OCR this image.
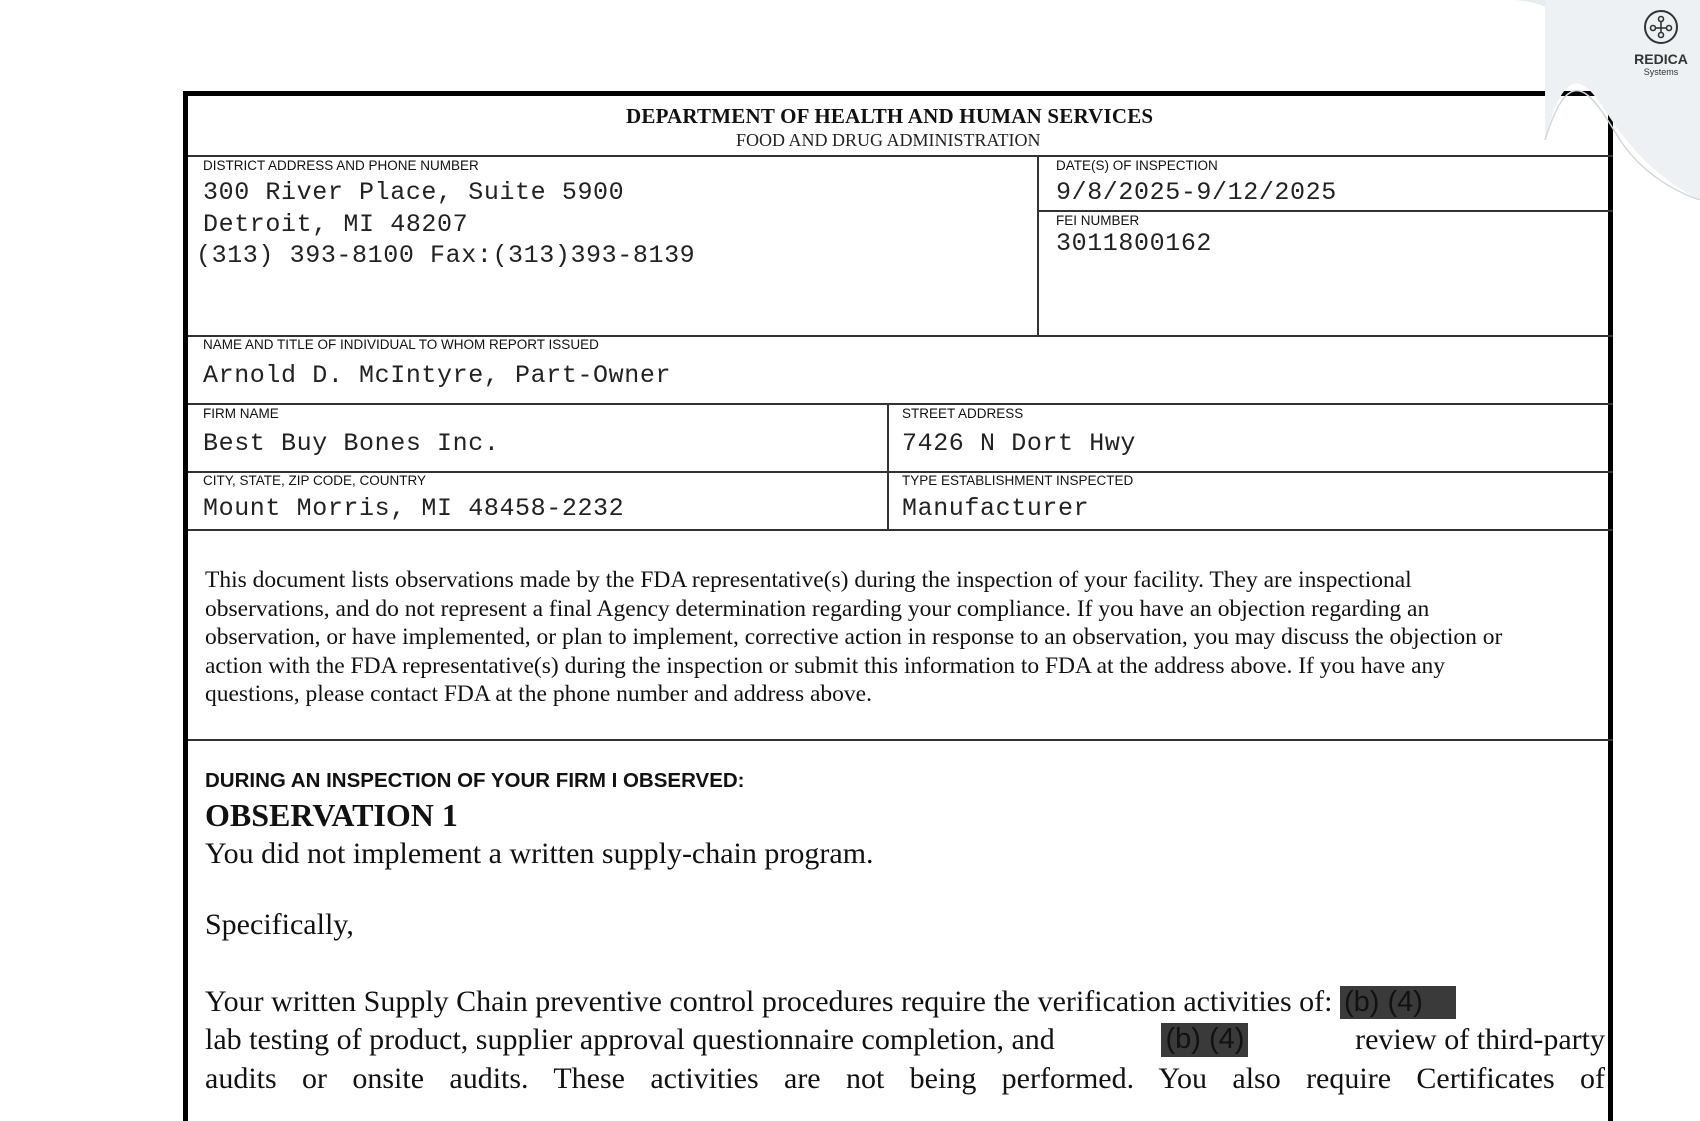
DEPARTMENT OF HEALTH AND HUMAN SERVICES
FOOD AND DRUG ADMINISTRATION
DISTRICT ADDRESS AND PHONE NUMBER
300 River Place, Suite 5900
Detroit, MI 48207
(313) 393-8100 Fax:(313)393-8139
DATE(S) OF INSPECTION
9/8/2025-9/12/2025
FEI NUMBER
3011800162
NAME AND TITLE OF INDIVIDUAL TO WHOM REPORT ISSUED
Arnold D. McIntyre, Part-Owner
FIRM NAME
Best Buy Bones Inc.
STREET ADDRESS
7426 N Dort Hwy
CITY, STATE, ZIP CODE, COUNTRY
Mount Morris, MI 48458-2232
TYPE ESTABLISHMENT INSPECTED
Manufacturer
This document lists observations made by the FDA representative(s) during the inspection of your facility. They are inspectional
observations, and do not represent a final Agency determination regarding your compliance. If you have an objection regarding an
observation, or have implemented, or plan to implement, corrective action in response to an observation, you may discuss the objection or
action with the FDA representative(s) during the inspection or submit this information to FDA at the address above. If you have any
questions, please contact FDA at the phone number and address above.
DURING AN INSPECTION OF YOUR FIRM I OBSERVED:
OBSERVATION 1
You did not implement a written supply-chain program.
Specifically,
Your written Supply Chain preventive control procedures require the verification activities of: (b) (4)
lab testing of product, supplier approval questionnaire completion, and	(b) (4)	review of third-party
audits or onsite audits. These activities are not being performed. You also require Certificates of
REDICA
Systems
